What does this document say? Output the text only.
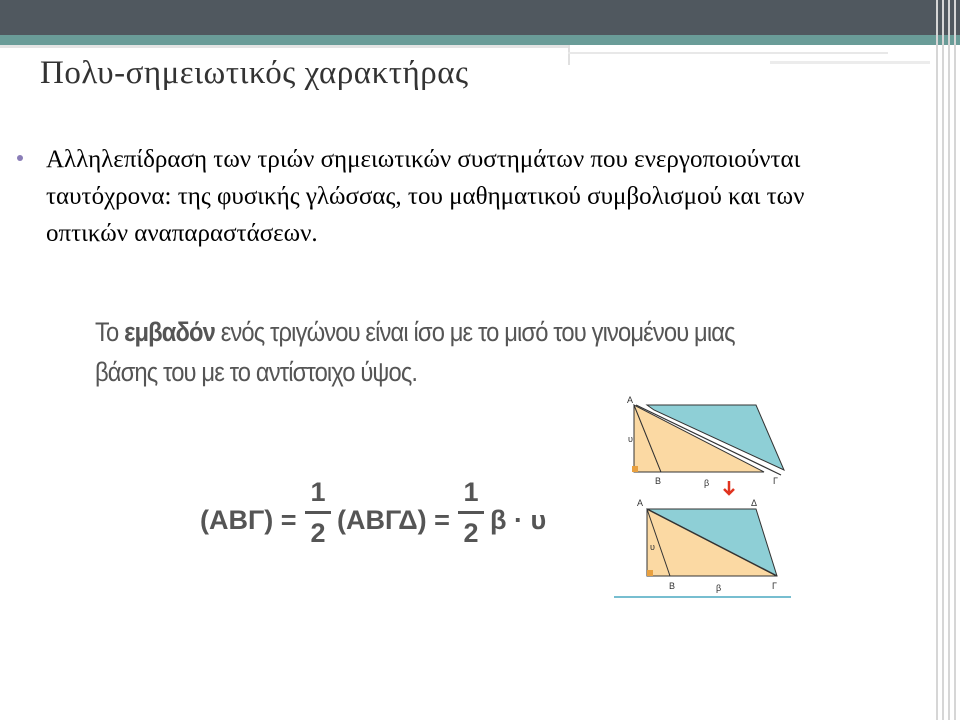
Πολυ-σημειωτικός χαρακτήρας
Αλληλεπίδραση των τριών σημειωτικών συστημάτων που ενεργοποιούνται ταυτόχρονα: της φυσικής γλώσσας, του μαθηματικού συμβολισμού και των οπτικών αναπαραστάσεων.
Το εμβαδόν ενός τριγώνου είναι ίσο με το μισό του γινομένου μιας βάσης του με το αντίστοιχο ύψος.
(ΑΒΓ) =
1
2 (ΑΒΓΔ) =
1
2 β · υ
Α
Β	Γ
β
υ
Α	Δ
Β	Γ
β
υ
